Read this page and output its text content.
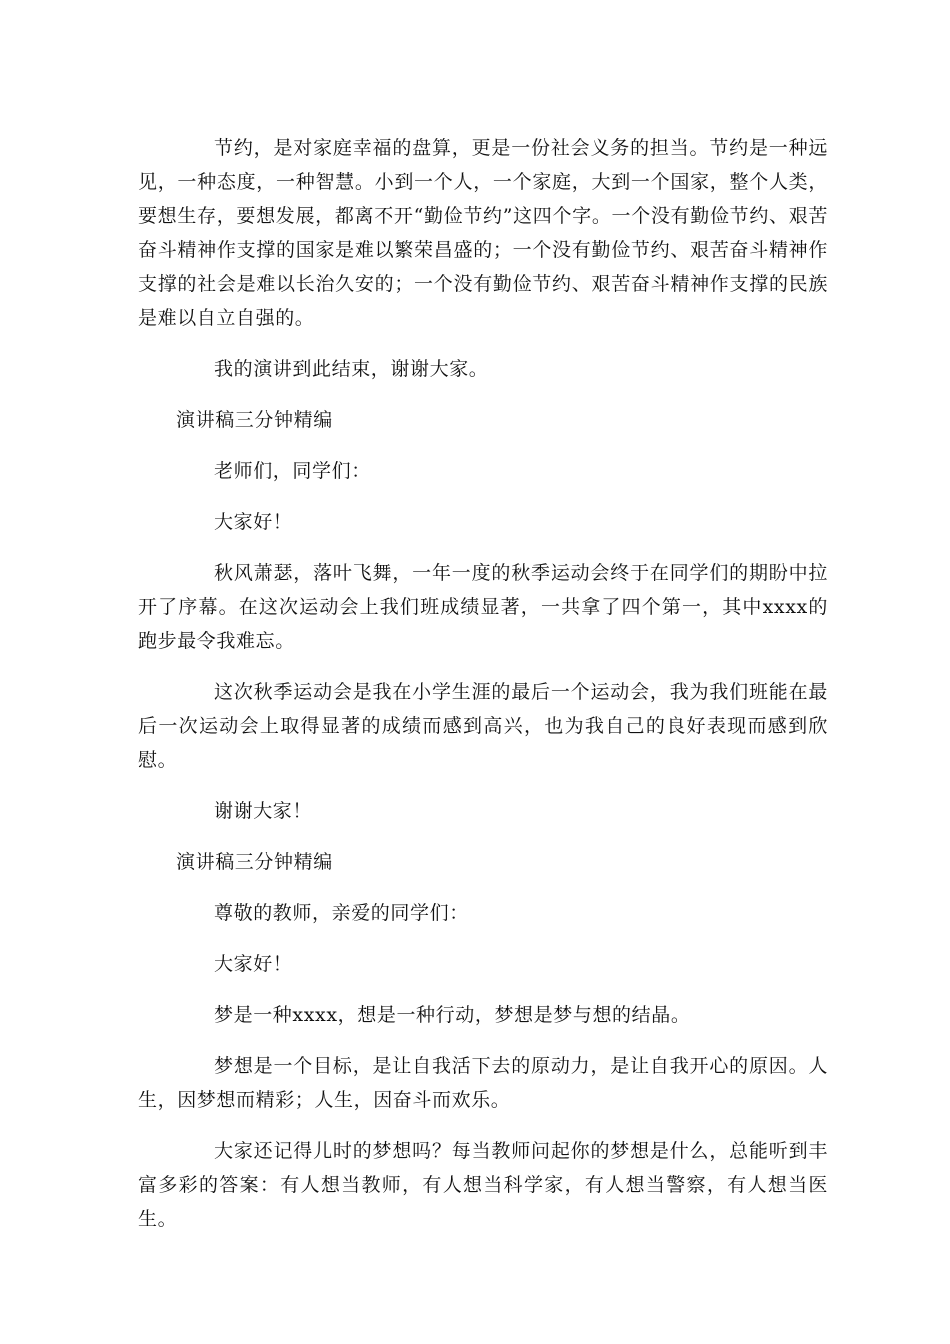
节约，是对家庭幸福的盘算，更是一份社会义务的担当。节约是一种远见，一种态度，一种智慧。小到一个人，一个家庭，大到一个国家，整个人类，要想生存，要想发展，都离不开“勤俭节约”这四个字。一个没有勤俭节约、艰苦奋斗精神作支撑的国家是难以繁荣昌盛的；一个没有勤俭节约、艰苦奋斗精神作支撑的社会是难以长治久安的；一个没有勤俭节约、艰苦奋斗精神作支撑的民族是难以自立自强的。

我的演讲到此结束，谢谢大家。

演讲稿三分钟精编

老师们，同学们：

大家好！

秋风萧瑟，落叶飞舞，一年一度的秋季运动会终于在同学们的期盼中拉开了序幕。在这次运动会上我们班成绩显著，一共拿了四个第一，其中xxxx的跑步最令我难忘。

这次秋季运动会是我在小学生涯的最后一个运动会，我为我们班能在最后一次运动会上取得显著的成绩而感到高兴，也为我自己的良好表现而感到欣慰。

谢谢大家！

演讲稿三分钟精编

尊敬的教师，亲爱的同学们：

大家好！

梦是一种xxxx，想是一种行动，梦想是梦与想的结晶。

梦想是一个目标，是让自我活下去的原动力，是让自我开心的原因。人生，因梦想而精彩；人生，因奋斗而欢乐。

大家还记得儿时的梦想吗？每当教师问起你的梦想是什么，总能听到丰富多彩的答案：有人想当教师，有人想当科学家，有人想当警察，有人想当医生。
